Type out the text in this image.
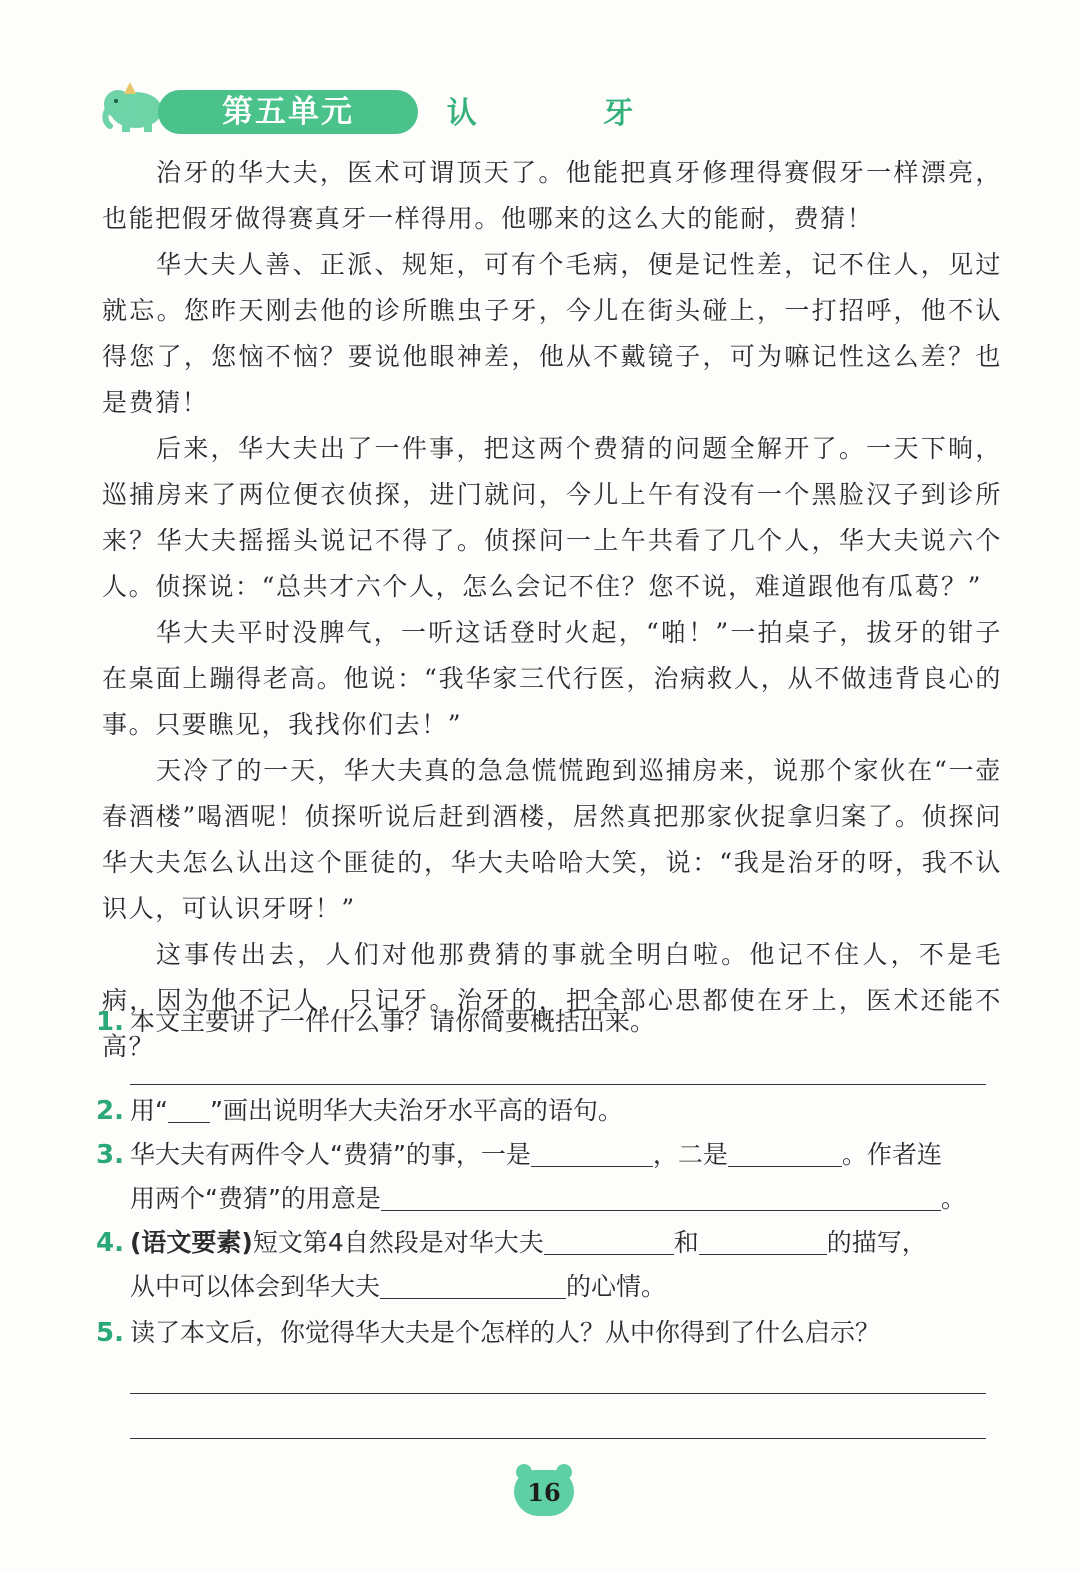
第五单元	认 牙

治牙的华大夫，医术可谓顶天了。他能把真牙修理得赛假牙一样漂亮，也能把假牙做得赛真牙一样得用。他哪来的这么大的能耐，费猜！

华大夫人善、正派、规矩，可有个毛病，便是记性差，记不住人，见过就忘。您昨天刚去他的诊所瞧虫子牙，今儿在街头碰上，一打招呼，他不认得您了，您恼不恼？要说他眼神差，他从不戴镜子，可为嘛记性这么差？也是费猜！

后来，华大夫出了一件事，把这两个费猜的问题全解开了。一天下晌，巡捕房来了两位便衣侦探，进门就问，今儿上午有没有一个黑脸汉子到诊所来？华大夫摇摇头说记不得了。侦探问一上午共看了几个人，华大夫说六个人。侦探说：“总共才六个人，怎么会记不住？您不说，难道跟他有瓜葛？”

华大夫平时没脾气，一听这话登时火起，“啪！”一拍桌子，拔牙的钳子在桌面上蹦得老高。他说：“我华家三代行医，治病救人，从不做违背良心的事。只要瞧见，我找你们去！”

天冷了的一天，华大夫真的急急慌慌跑到巡捕房来，说那个家伙在“一壶春酒楼”喝酒呢！侦探听说后赶到酒楼，居然真把那家伙捉拿归案了。侦探问华大夫怎么认出这个匪徒的，华大夫哈哈大笑，说：“我是治牙的呀，我不认识人，可认识牙呀！”

这事传出去，人们对他那费猜的事就全明白啦。他记不住人，不是毛病，因为他不记人，只记牙。治牙的，把全部心思都使在牙上，医术还能不高？

1. 本文主要讲了一件什么事？请你简要概括出来。
2. 用“ ”画出说明华大夫治牙水平高的语句。
3. 华大夫有两件令人“费猜”的事，一是	，二是	。作者连
用两个“费猜”的用意是	。
4. (语文要素)短文第4自然段是对华大夫	和	的描写，
从中可以体会到华大夫	的心情。
5. 读了本文后，你觉得华大夫是个怎样的人？从中你得到了什么启示？
16
